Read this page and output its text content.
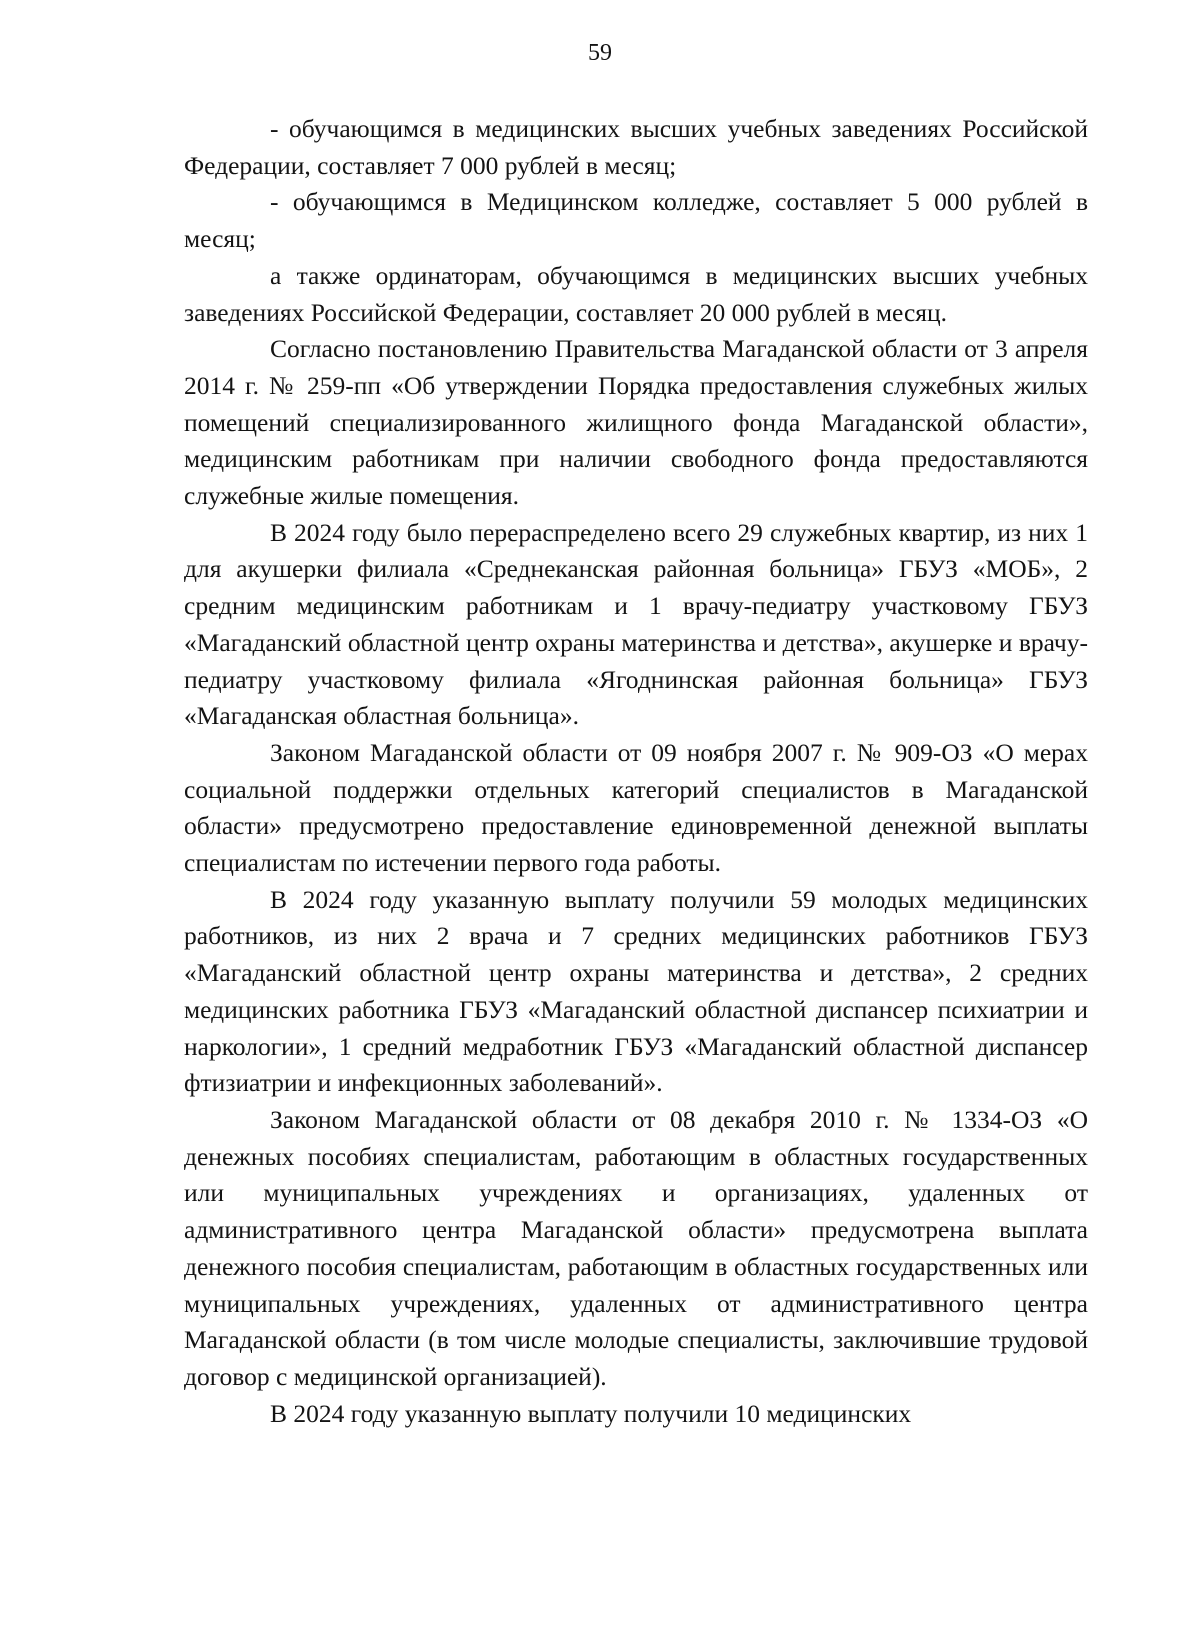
59

- обучающимся в медицинских высших учебных заведениях Российской Федерации, составляет 7 000 рублей в месяц;

- обучающимся в Медицинском колледже, составляет 5 000 рублей в месяц;

а также ординаторам, обучающимся в медицинских высших учебных заведениях Российской Федерации, составляет 20 000 рублей в месяц.

Согласно постановлению Правительства Магаданской области от 3 апреля 2014 г. № 259-пп «Об утверждении Порядка предоставления служебных жилых помещений специализированного жилищного фонда Магаданской области», медицинским работникам при наличии свободного фонда предоставляются служебные жилые помещения.

В 2024 году было перераспределено всего 29 служебных квартир, из них 1 для акушерки филиала «Среднеканская районная больница» ГБУЗ «МОБ», 2 средним медицинским работникам и 1 врачу-педиатру участковому ГБУЗ «Магаданский областной центр охраны материнства и детства», акушерке и врачу-педиатру участковому филиала «Ягоднинская районная больница» ГБУЗ «Магаданская областная больница».

Законом Магаданской области от 09 ноября 2007 г. № 909-ОЗ «О мерах социальной поддержки отдельных категорий специалистов в Магаданской области» предусмотрено предоставление единовременной денежной выплаты специалистам по истечении первого года работы.

В 2024 году указанную выплату получили 59 молодых медицинских работников, из них 2 врача и 7 средних медицинских работников ГБУЗ «Магаданский областной центр охраны материнства и детства», 2 средних медицинских работника ГБУЗ «Магаданский областной диспансер психиатрии и наркологии», 1 средний медработник ГБУЗ «Магаданский областной диспансер фтизиатрии и инфекционных заболеваний».

Законом Магаданской области от 08 декабря 2010 г. № 1334-ОЗ «О денежных пособиях специалистам, работающим в областных государственных или муниципальных учреждениях и организациях, удаленных от административного центра Магаданской области» предусмотрена выплата денежного пособия специалистам, работающим в областных государственных или муниципальных учреждениях, удаленных от административного центра Магаданской области (в том числе молодые специалисты, заключившие трудовой договор с медицинской организацией).

В 2024 году указанную выплату получили 10 медицинских
